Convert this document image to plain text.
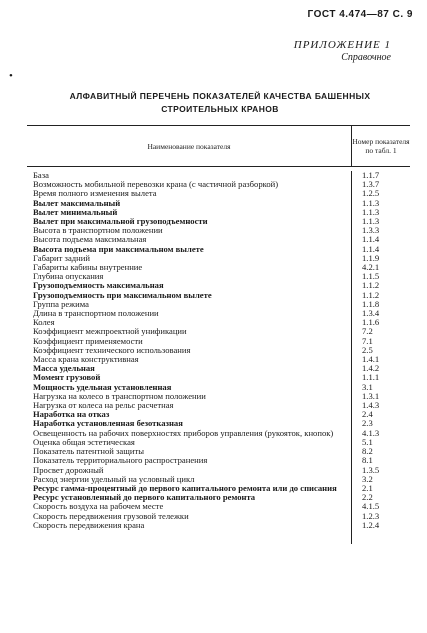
ГОСТ 4.474—87 С. 9
ПРИЛОЖЕНИЕ 1
Справочное
•
АЛФАВИТНЫЙ ПЕРЕЧЕНЬ ПОКАЗАТЕЛЕЙ КАЧЕСТВА БАШЕННЫХ СТРОИТЕЛЬНЫХ КРАНОВ
Наименование показателя	Номер показателя по табл. 1
База	1.1.7
Возможность мобильной перевозки крана (с частичной разборкой)	1.3.7
Время полного изменения вылета	1.2.5
Вылет максимальный	1.1.3
Вылет минимальный	1.1.3
Вылет при максимальной грузоподъемности	1.1.3
Высота в транспортном положении	1.3.3
Высота подъема максимальная	1.1.4
Высота подъема при максимальном вылете	1.1.4
Габарит задний	1.1.9
Габариты кабины внутренние	4.2.1
Глубина опускания	1.1.5
Грузоподъемность максимальная	1.1.2
Грузоподъемность при максимальном вылете	1.1.2
Группа режима	1.1.8
Длина в транспортном положении	1.3.4
Колея	1.1.6
Коэффициент межпроектной унификации	7.2
Коэффициент применяемости	7.1
Коэффициент технического использования	2.5
Масса крана конструктивная	1.4.1
Масса удельная	1.4.2
Момент грузовой	1.1.1
Мощность удельная установленная	3.1
Нагрузка на колесо в транспортном положении	1.3.1
Нагрузка от колеса на рельс расчетная	1.4.3
Наработка на отказ	2.4
Наработка установленная безотказная	2.3
Освещенность на рабочих поверхностях приборов управления (рукояток, кнопок)	4.1.3
Оценка общая эстетическая	5.1
Показатель патентной защиты	8.2
Показатель территориального распространения	8.1
Просвет дорожный	1.3.5
Расход энергии удельный на условный цикл	3.2
Ресурс гамма-процентный до первого капитального ремонта или до списания	2.1
Ресурс установленный до первого капитального ремонта	2.2
Скорость воздуха на рабочем месте	4.1.5
Скорость передвижения грузовой тележки	1.2.3
Скорость передвижения крана	1.2.4
